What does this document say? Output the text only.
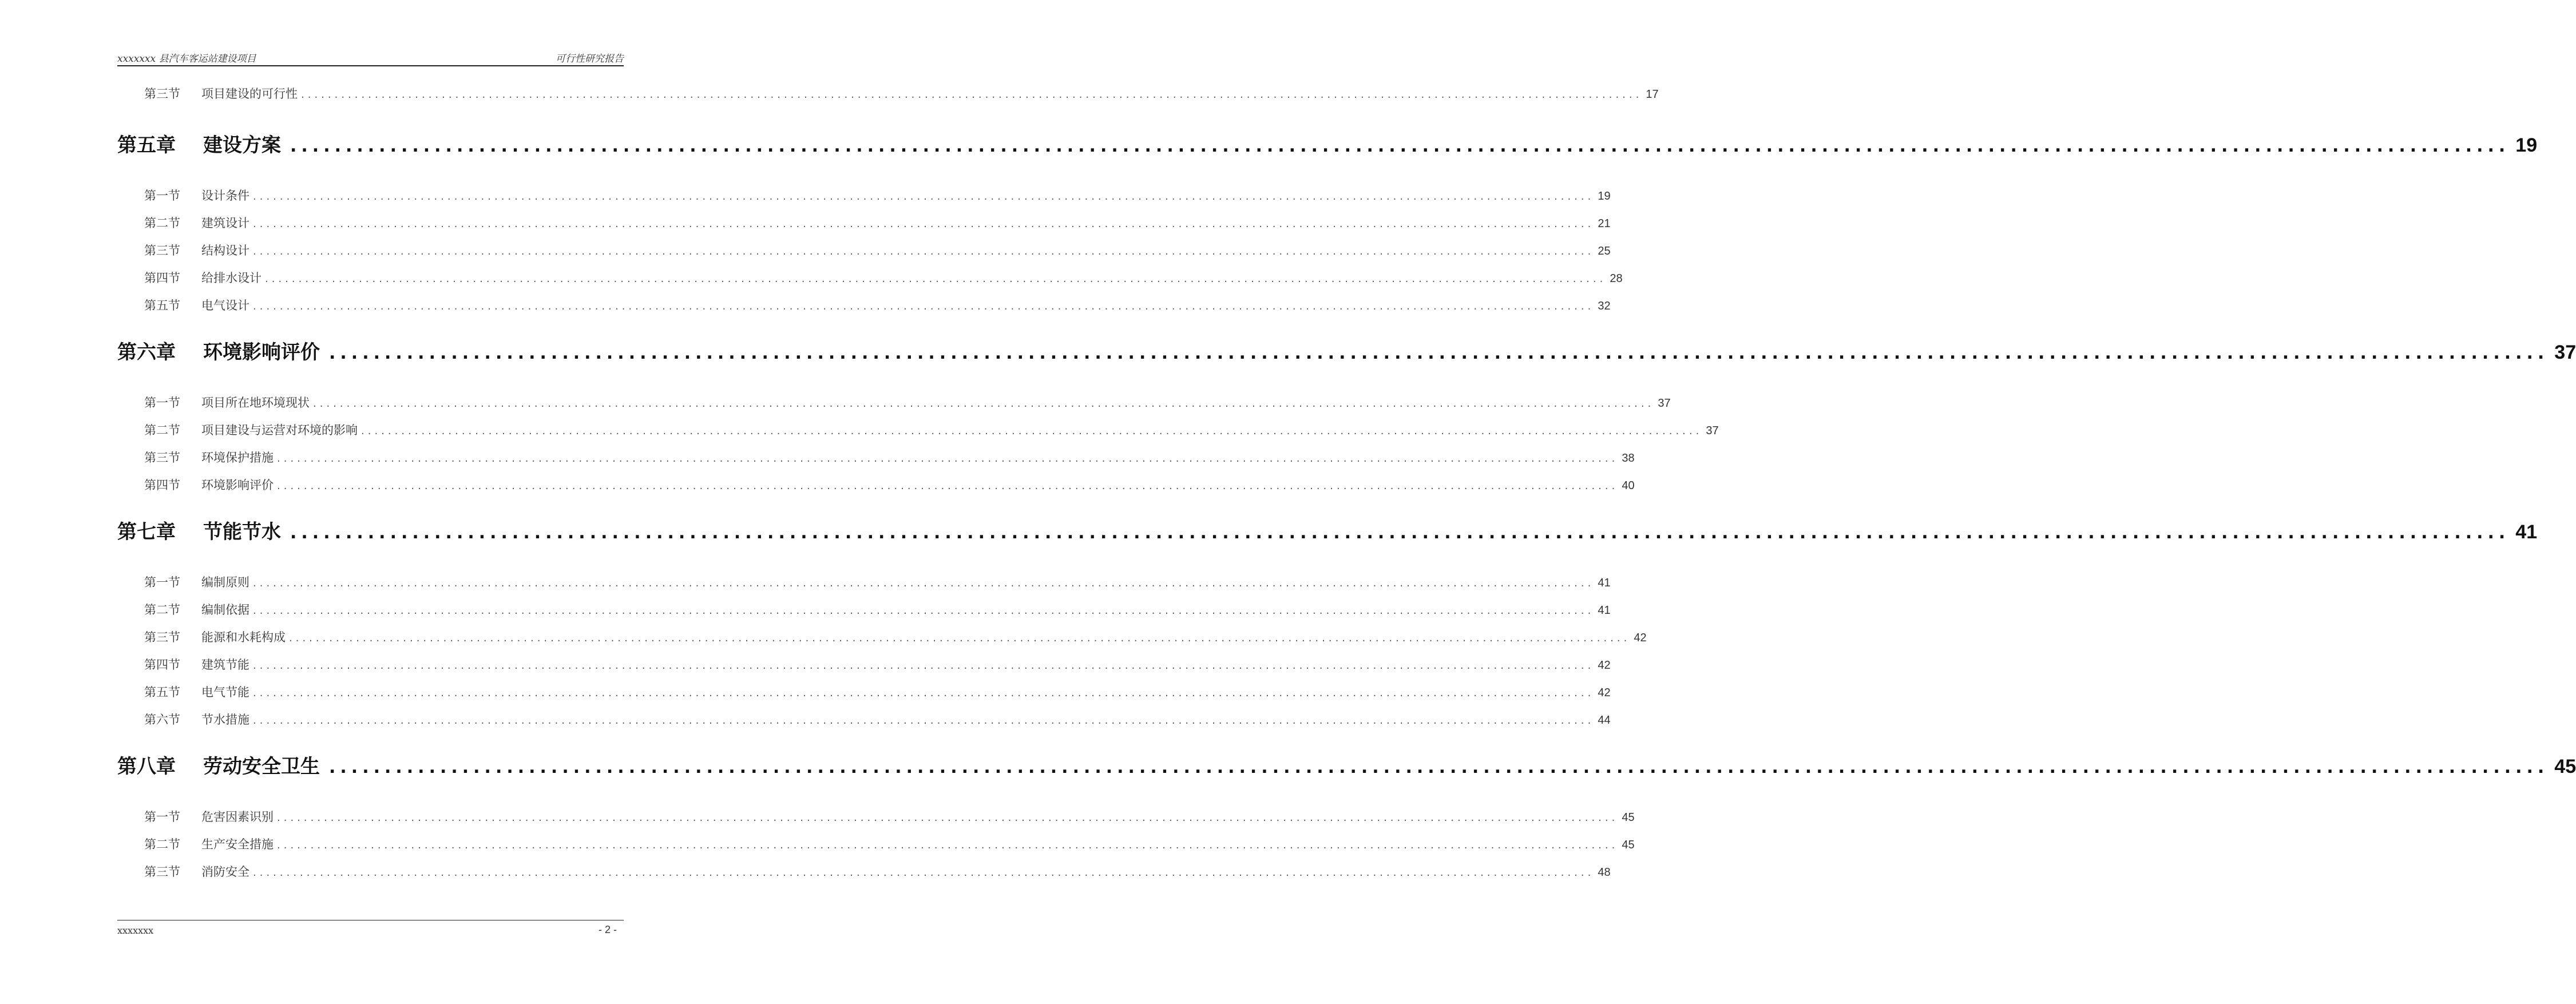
xxxxxxx 县汽车客运站建设项目	可行性研究报告
第三节	项目建设的可行性 ........................................................................................................................................................................................................ 17
第五章	建设方案 ........................................................................................................................................................................................................ 19
第一节	设计条件 ........................................................................................................................................................................................................ 19
第二节	建筑设计 ........................................................................................................................................................................................................ 21
第三节	结构设计 ........................................................................................................................................................................................................ 25
第四节	给排水设计 ........................................................................................................................................................................................................ 28
第五节	电气设计 ........................................................................................................................................................................................................ 32
第六章	环境影响评价 ........................................................................................................................................................................................................ 37
第一节	项目所在地环境现状 ........................................................................................................................................................................................................ 37
第二节	项目建设与运营对环境的影响 ........................................................................................................................................................................................................ 37
第三节	环境保护措施 ........................................................................................................................................................................................................ 38
第四节	环境影响评价 ........................................................................................................................................................................................................ 40
第七章	节能节水 ........................................................................................................................................................................................................ 41
第一节	编制原则 ........................................................................................................................................................................................................ 41
第二节	编制依据 ........................................................................................................................................................................................................ 41
第三节	能源和水耗构成 ........................................................................................................................................................................................................ 42
第四节	建筑节能 ........................................................................................................................................................................................................ 42
第五节	电气节能 ........................................................................................................................................................................................................ 42
第六节	节水措施 ........................................................................................................................................................................................................ 44
第八章	劳动安全卫生 ........................................................................................................................................................................................................ 45
第一节	危害因素识别 ........................................................................................................................................................................................................ 45
第二节	生产安全措施 ........................................................................................................................................................................................................ 45
第三节	消防安全 ........................................................................................................................................................................................................ 48
xxxxxxx	- 2 -
